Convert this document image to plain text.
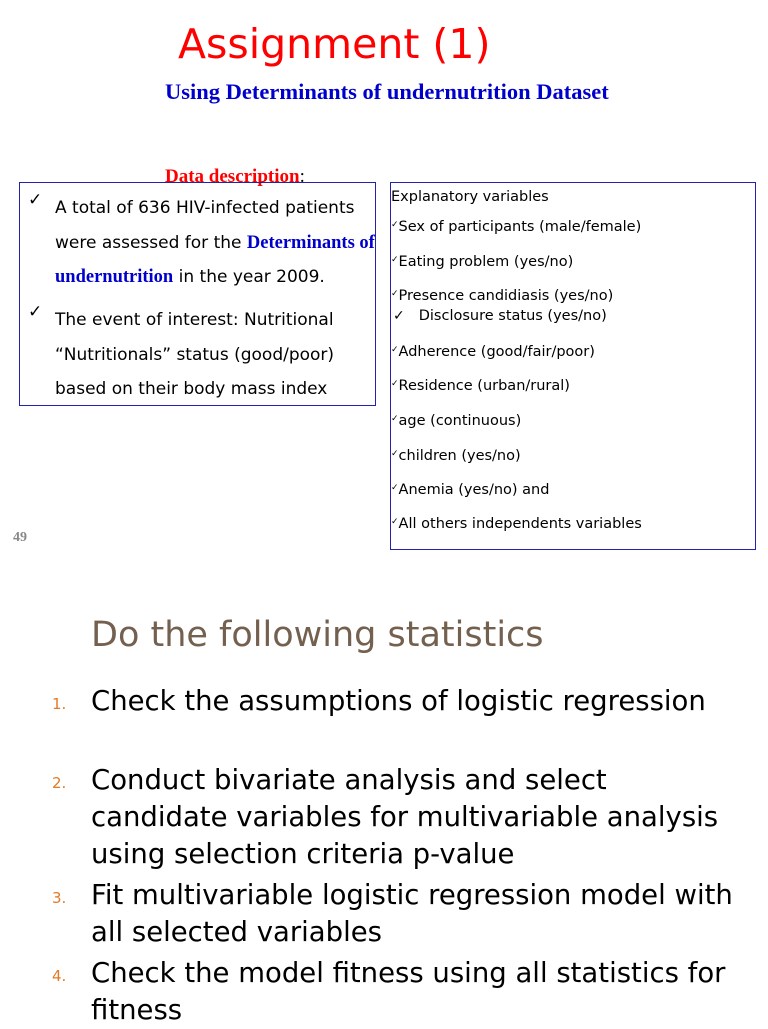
Assignment (1)
Using Determinants of undernutrition Dataset
Data description:
✓ A total of 636 HIV-infected patients were assessed for the Determinants of undernutrition in the year 2009.
✓ The event of interest: Nutritional “Nutritionals” status (good/poor) based on their body mass index
Explanatory variables
✓Sex of participants (male/female)
✓Eating problem (yes/no)
✓Presence candidiasis (yes/no)
✓ Disclosure status (yes/no)
✓Adherence (good/fair/poor)
✓Residence (urban/rural)
✓age (continuous)
✓children (yes/no)
✓Anemia (yes/no) and
✓All others independents variables
49
Do the following statistics
1. Check the assumptions of logistic regression
2. Conduct bivariate analysis and select candidate variables for multivariable analysis using selection criteria p-value
3. Fit multivariable logistic regression model with all selected variables
4. Check the model fitness using all statistics for fitness
